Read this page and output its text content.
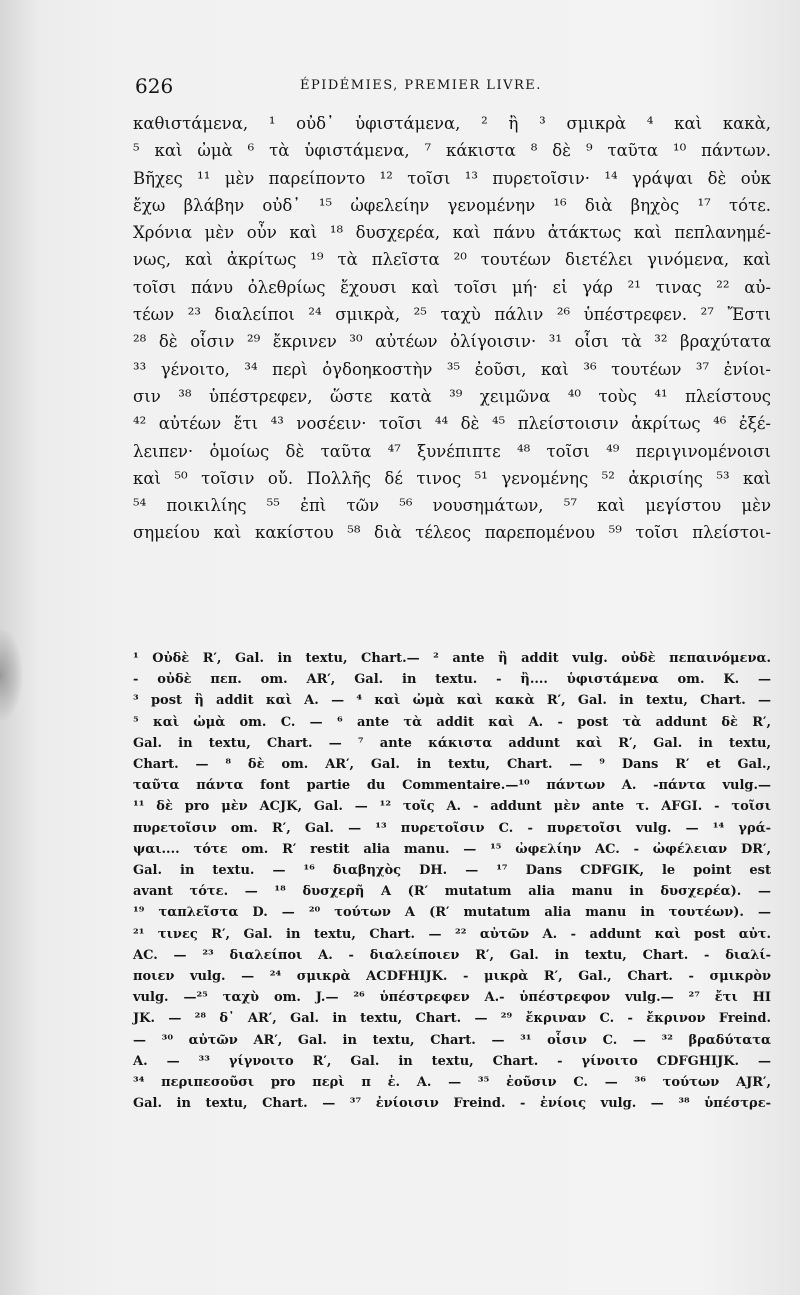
626	ÉPIDÉMIES, PREMIER LIVRE.
καθιστάμενα, ¹ οὐδ᾽ ὑφιστάμενα, ² ἢ ³ σμικρὰ ⁴ καὶ κακὰ,
⁵ καὶ ὠμὰ ⁶ τὰ ὑφιστάμενα, ⁷ κάκιστα ⁸ δὲ ⁹ ταῦτα ¹⁰ πάντων.
Βῆχες ¹¹ μὲν παρείποντο ¹² τοῖσι ¹³ πυρετοῖσιν· ¹⁴ γράψαι δὲ οὐκ
ἔχω βλάβην οὐδ᾽ ¹⁵ ὠφελείην γενομένην ¹⁶ διὰ βηχὸς ¹⁷ τότε.
Χρόνια μὲν οὖν καὶ ¹⁸ δυσχερέα, καὶ πάνυ ἀτάκτως καὶ πεπλανημέ-
νως, καὶ ἀκρίτως ¹⁹ τὰ πλεῖστα ²⁰ τουτέων διετέλει γινόμενα, καὶ
τοῖσι πάνυ ὀλεθρίως ἔχουσι καὶ τοῖσι μή· εἰ γάρ ²¹ τινας ²² αὐ-
τέων ²³ διαλείποι ²⁴ σμικρὰ, ²⁵ ταχὺ πάλιν ²⁶ ὑπέστρεφεν. ²⁷ Ἔστι
²⁸ δὲ οἷσιν ²⁹ ἔκρινεν ³⁰ αὐτέων ὀλίγοισιν· ³¹ οἷσι τὰ ³² βραχύτατα
³³ γένοιτο, ³⁴ περὶ ὀγδοηκοστὴν ³⁵ ἐοῦσι, καὶ ³⁶ τουτέων ³⁷ ἐνίοι-
σιν ³⁸ ὑπέστρεφεν, ὥστε κατὰ ³⁹ χειμῶνα ⁴⁰ τοὺς ⁴¹ πλείστους
⁴² αὐτέων ἔτι ⁴³ νοσέειν· τοῖσι ⁴⁴ δὲ ⁴⁵ πλείστοισιν ἀκρίτως ⁴⁶ ἐξέ-
λειπεν· ὁμοίως δὲ ταῦτα ⁴⁷ ξυνέπιπτε ⁴⁸ τοῖσι ⁴⁹ περιγινομένοισι
καὶ ⁵⁰ τοῖσιν οὔ. Πολλῆς δέ τινος ⁵¹ γενομένης ⁵² ἀκρισίης ⁵³ καὶ
⁵⁴ ποικιλίης ⁵⁵ ἐπὶ τῶν ⁵⁶ νουσημάτων, ⁵⁷ καὶ μεγίστου μὲν
σημείου καὶ κακίστου ⁵⁸ διὰ τέλεος παρεπομένου ⁵⁹ τοῖσι πλείστοι-
¹ Οὐδὲ R′, Gal. in textu, Chart.— ² ante ἢ addit vulg. οὐδὲ πεπαινόμενα.
- οὐδὲ πεπ. om. AR′, Gal. in textu. - ἢ.... ὑφιστάμενα om. K. —
³ post ἢ addit καὶ A. — ⁴ καὶ ὠμὰ καὶ κακὰ R′, Gal. in textu, Chart. —
⁵ καὶ ὠμὰ om. C. — ⁶ ante τὰ addit καὶ A. - post τὰ addunt δὲ R′,
Gal. in textu, Chart. — ⁷ ante κάκιστα addunt καὶ R′, Gal. in textu,
Chart. — ⁸ δὲ om. AR′, Gal. in textu, Chart. — ⁹ Dans R′ et Gal.,
ταῦτα πάντα font partie du Commentaire.—¹⁰ πάντων A. -πάντα vulg.—
¹¹ δὲ pro μὲν ACJK, Gal. — ¹² τοῖς A. - addunt μὲν ante τ. AFGI. - τοῖσι
πυρετοῖσιν om. R′, Gal. — ¹³ πυρετοῖσιν C. - πυρετοῖσι vulg. — ¹⁴ γρά-
ψαι.... τότε om. R′ restit alia manu. — ¹⁵ ὠφελίην AC. - ὠφέλειαν DR′,
Gal. in textu. — ¹⁶ διαβηχὸς DH. — ¹⁷ Dans CDFGIK, le point est
avant τότε. — ¹⁸ δυσχερῆ A (R′ mutatum alia manu in δυσχερέα). —
¹⁹ ταπλεῖστα D. — ²⁰ τούτων A (R′ mutatum alia manu in τουτέων). —
²¹ τινες R′, Gal. in textu, Chart. — ²² αὐτῶν A. - addunt καὶ post αὐτ.
AC. — ²³ διαλείποι A. - διαλείποιεν R′, Gal. in textu, Chart. - διαλί-
ποιεν vulg. — ²⁴ σμικρὰ ACDFHIJK. - μικρὰ R′, Gal., Chart. - σμικρὸν
vulg. —²⁵ ταχὺ om. J.— ²⁶ ὑπέστρεφεν A.- ὑπέστρεφον vulg.— ²⁷ ἔτι HI
JK. — ²⁸ δ᾽ AR′, Gal. in textu, Chart. — ²⁹ ἔκριναν C. - ἔκρινον Freind.
— ³⁰ αὐτῶν AR′, Gal. in textu, Chart. — ³¹ οἷσιν C. — ³² βραδύτατα
A. — ³³ γίγνοιτο R′, Gal. in textu, Chart. - γίνοιτο CDFGHIJK. —
³⁴ περιπεσοῦσι pro περὶ π ἐ. A. — ³⁵ ἐοῦσιν C. — ³⁶ τούτων AJR′,
Gal. in textu, Chart. — ³⁷ ἐνίοισιν Freind. - ἐνίοις vulg. — ³⁸ ὑπέστρε-
